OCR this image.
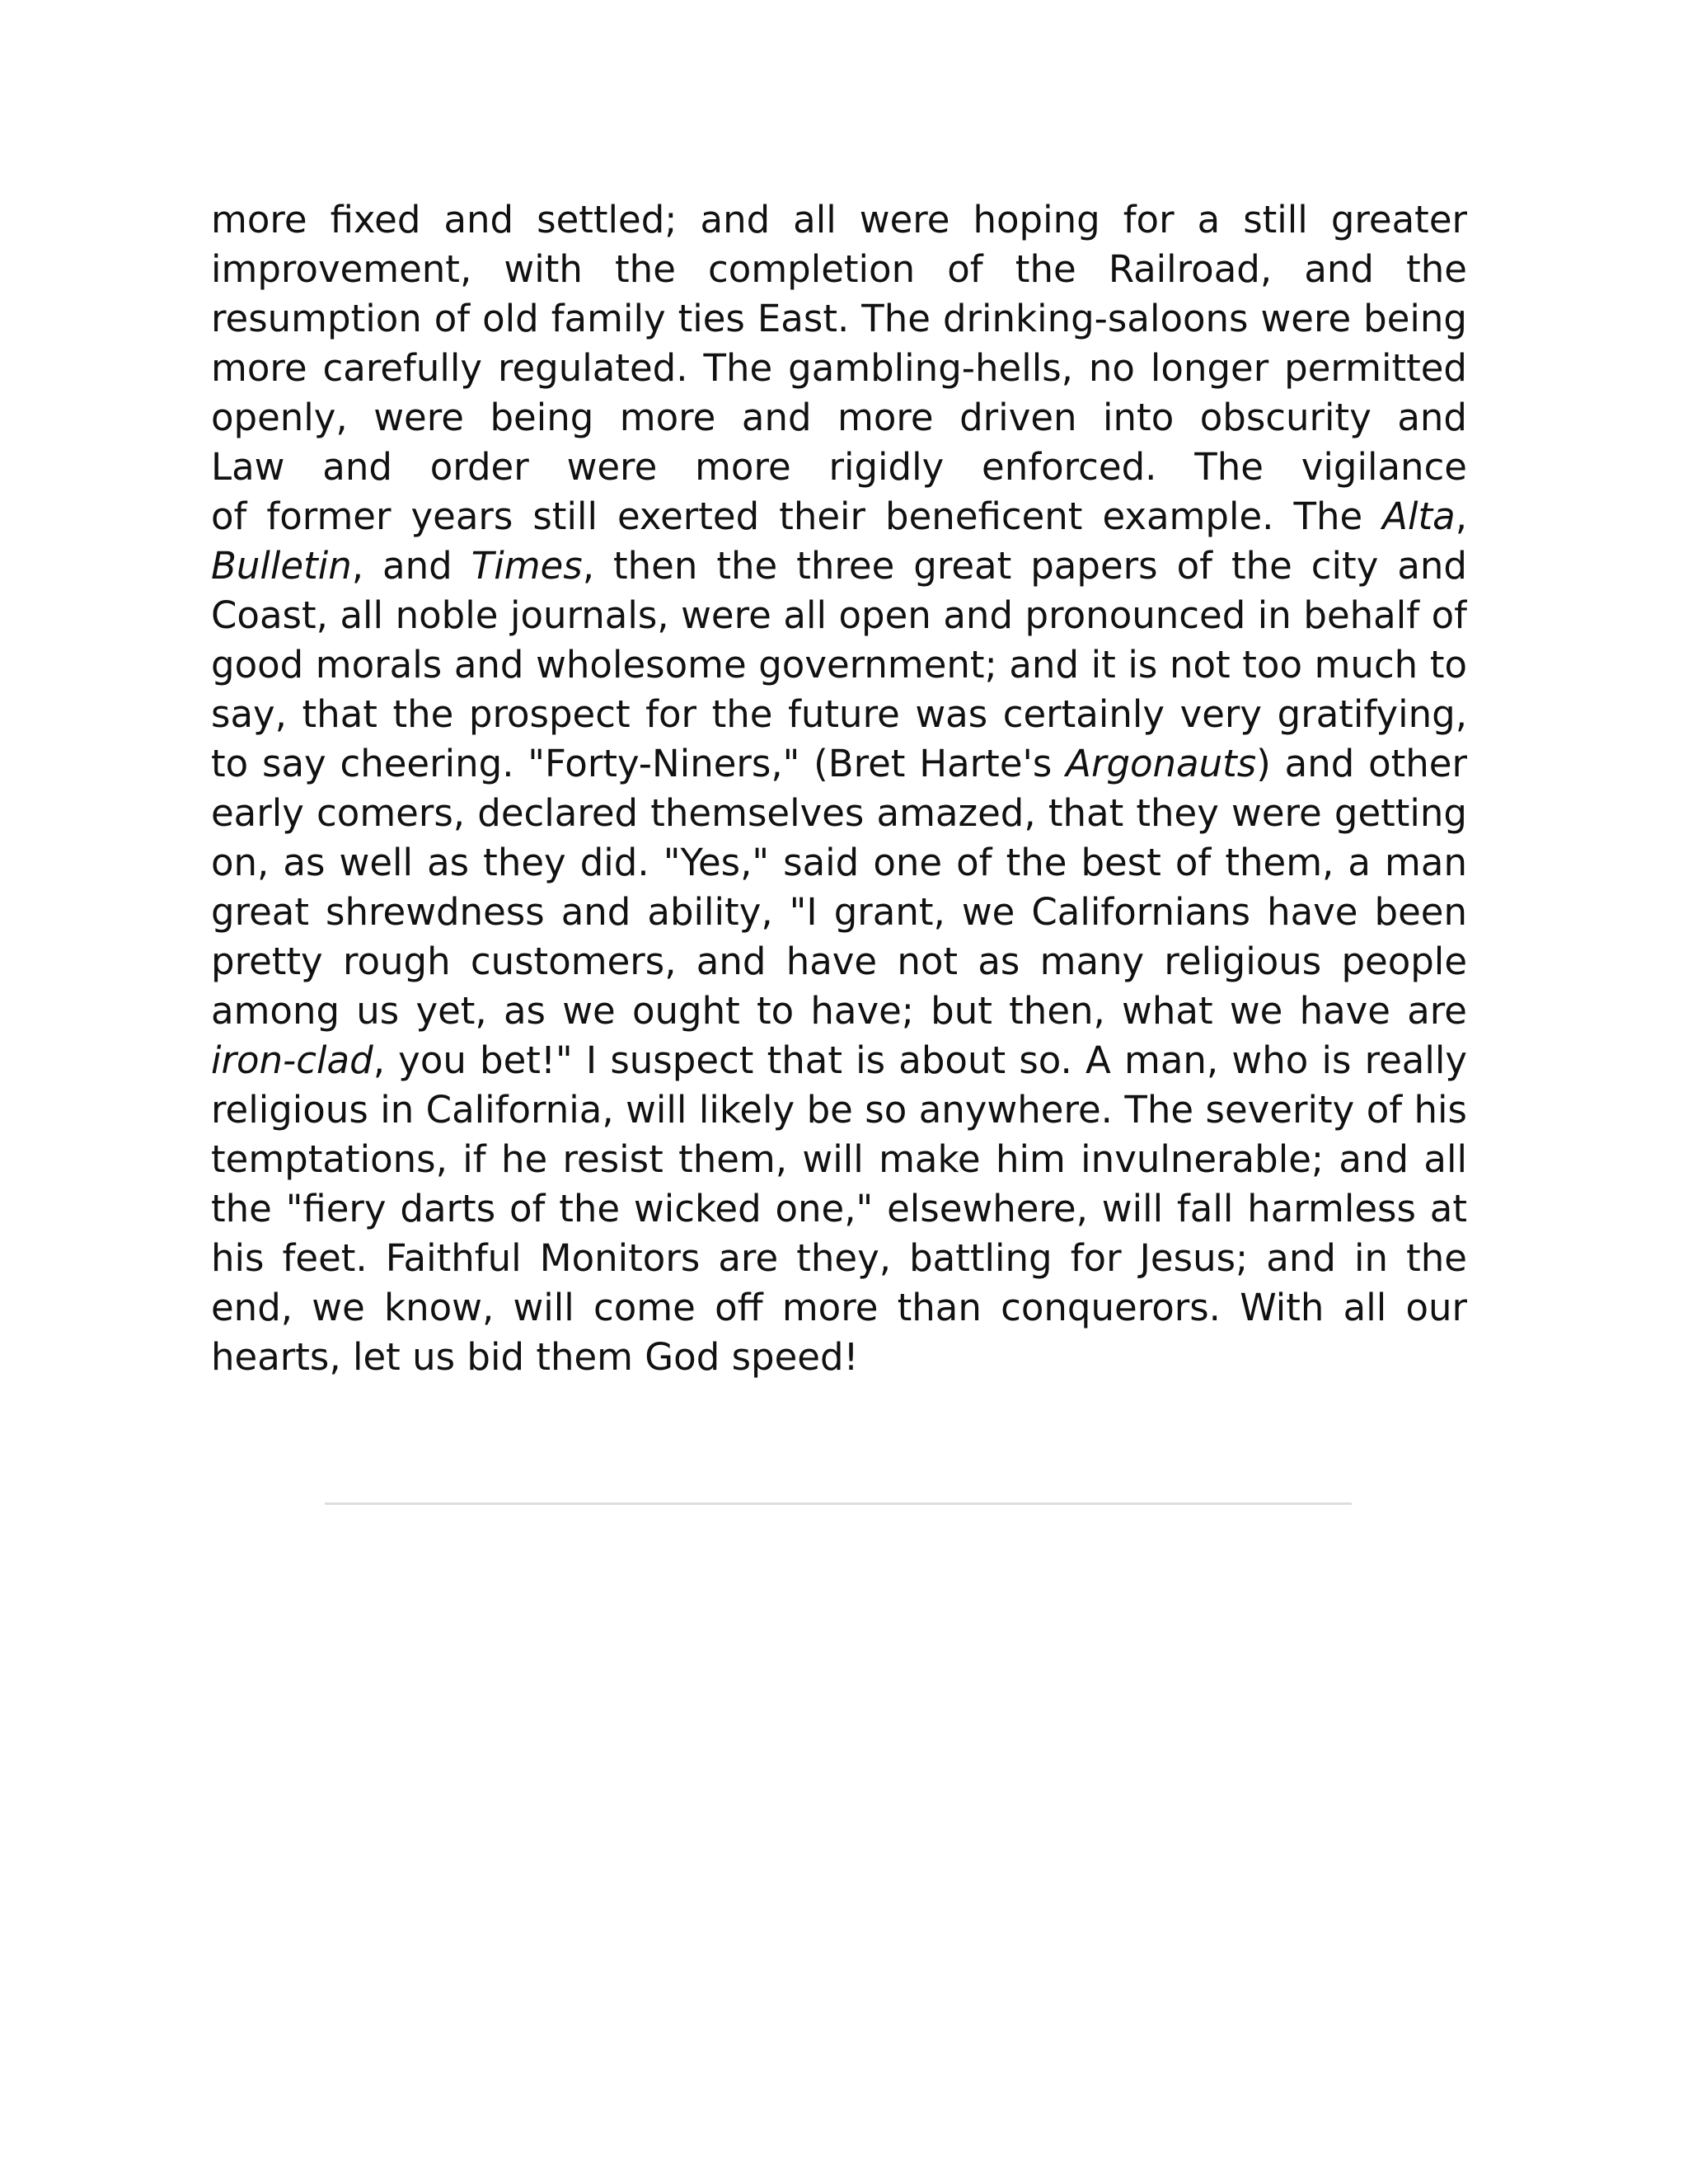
more fixed and settled; and all were hoping for a still greater
improvement, with the completion of the Railroad, and the
resumption of old family ties East. The drinking-saloons were being
more carefully regulated. The gambling-hells, no longer permitted
openly, were being more and more driven into obscurity and
Law and order were more rigidly enforced. The vigilance
of former years still exerted their beneficent example. The Alta,
Bulletin, and Times, then the three great papers of the city and
Coast, all noble journals, were all open and pronounced in behalf of
good morals and wholesome government; and it is not too much to
say, that the prospect for the future was certainly very gratifying,
to say cheering. "Forty-Niners," (Bret Harte's Argonauts) and other
early comers, declared themselves amazed, that they were getting
on, as well as they did. "Yes," said one of the best of them, a man
great shrewdness and ability, "I grant, we Californians have been
pretty rough customers, and have not as many religious people
among us yet, as we ought to have; but then, what we have are
iron-clad, you bet!" I suspect that is about so. A man, who is really
religious in California, will likely be so anywhere. The severity of his
temptations, if he resist them, will make him invulnerable; and all
the "fiery darts of the wicked one," elsewhere, will fall harmless at
his feet. Faithful Monitors are they, battling for Jesus; and in the
end, we know, will come off more than conquerors. With all our
hearts, let us bid them God speed!
